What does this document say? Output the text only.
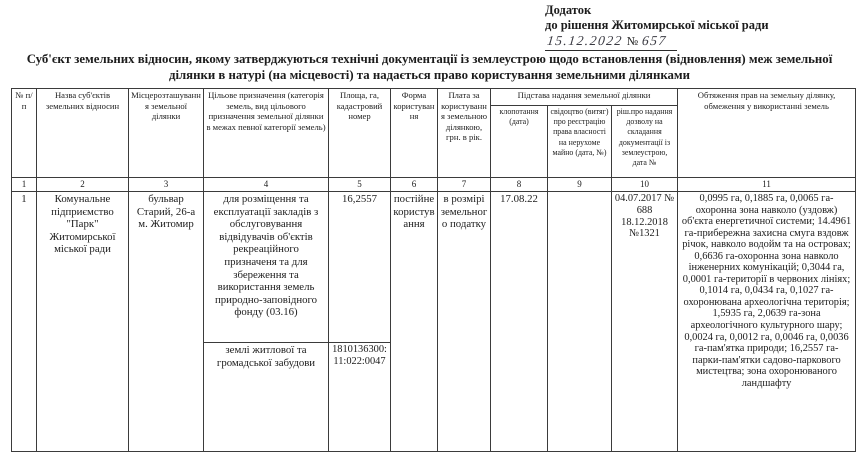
Додаток
до рішення Житомирської міської ради
15.12.2022 № 657
Суб'єкт земельних відносин, якому затверджуються технічні документації із землеустрою щодо встановлення (відновлення) меж земельної ділянки в натурі (на місцевості) та надається право користування земельними ділянками
№ п/п	Назва суб'єктів земельних відносин	Місцерозташування земельної ділянки	Цільове призначення (категорія земель, вид цільового призначення земельної ділянки в межах певної категорії земель)	Площа, га, кадастровий номер	Форма користування	Плата за користування земельною ділянкою, грн. в рік.	Підстава надання земельної ділянки			Обтяження прав на земельну ділянку, обмеження у використанні земель
							клопотання (дата)	свідоцтво (витяг) про реєстрацію права власності на нерухоме майно (дата, №)	ріш.про надання дозволу на складання документації із землеустрою, дата №	
1	2	3	4	5	6	7	8	9	10	11
1	Комунальне підприємство "Парк" Житомирської міської ради	бульвар Старий, 26-а м. Житомир	для розміщення та експлуатації закладів з обслуговування відвідувачів об'єктів рекреаційного призначеня та для збереження та використання земель природно-заповідного фонду (03.16)	16,2557	постійне користування	в розмірі земельного податку	17.08.22		04.07.2017 № 688 18.12.2018 №1321	0,0995 га, 0,1885 га, 0,0065 га-охоронна зона навколо (уздовж) об'єкта енергетичної системи; 14.4961 га-прибережна захисна смуга вздовж річок, навколо водойм та на островах; 0,6636 га-охоронна зона навколо інженерних комунікацій; 0,3044 га, 0,0001 га-території в червоних лініях; 0,1014 га, 0,0434 га, 0,1027 га-охоронювана археологічна територія; 1,5935 га, 2,0639 га-зона археологічного культурного шару; 0,0024 га, 0,0012 га, 0,0046 га, 0,0036 га-пам'ятка природи; 16,2557 га-парки-пам'ятки садово-паркового мистецтва; зона охоронюваного ландшафту
			землі житлової та громадської забудови	1810136300:11:022:0047						
